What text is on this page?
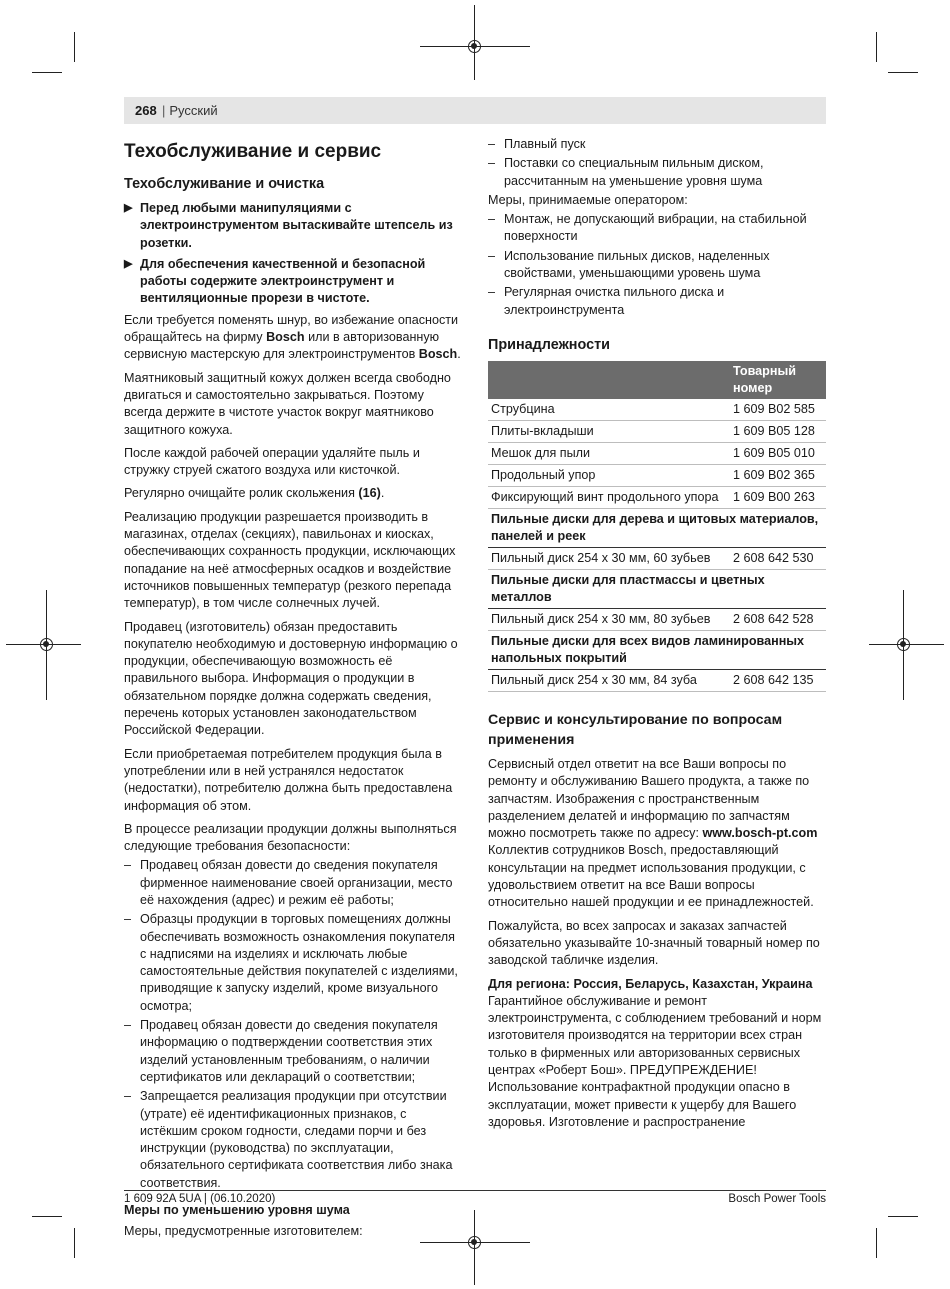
268 | Русский
Техобслуживание и сервис
Техобслуживание и очистка
▶ Перед любыми манипуляциями с электроинструментом вытаскивайте штепсель из розетки.
▶ Для обеспечения качественной и безопасной работы содержите электроинструмент и вентиляционные прорези в чистоте.
Если требуется поменять шнур, во избежание опасности обращайтесь на фирму Bosch или в авторизованную сервисную мастерскую для электроинструментов Bosch.
Маятниковый защитный кожух должен всегда свободно двигаться и самостоятельно закрываться. Поэтому всегда держите в чистоте участок вокруг маятниково защитного кожуха.
После каждой рабочей операции удаляйте пыль и стружку струей сжатого воздуха или кисточкой.
Регулярно очищайте ролик скольжения (16).
Реализацию продукции разрешается производить в магазинах, отделах (секциях), павильонах и киосках, обеспечивающих сохранность продукции, исключающих попадание на неё атмосферных осадков и воздействие источников повышенных температур (резкого перепада температур), в том числе солнечных лучей.
Продавец (изготовитель) обязан предоставить покупателю необходимую и достоверную информацию о продукции, обеспечивающую возможность её правильного выбора. Информация о продукции в обязательном порядке должна содержать сведения, перечень которых установлен законодательством Российской Федерации.
Если приобретаемая потребителем продукция была в употреблении или в ней устранялся недостаток (недостатки), потребителю должна быть предоставлена информация об этом.
В процессе реализации продукции должны выполняться следующие требования безопасности:
– Продавец обязан довести до сведения покупателя фирменное наименование своей организации, место её нахождения (адрес) и режим её работы;
– Образцы продукции в торговых помещениях должны обеспечивать возможность ознакомления покупателя с надписями на изделиях и исключать любые самостоятельные действия покупателей с изделиями, приводящие к запуску изделий, кроме визуального осмотра;
– Продавец обязан довести до сведения покупателя информацию о подтверждении соответствия этих изделий установленным требованиям, о наличии сертификатов или деклараций о соответствии;
– Запрещается реализация продукции при отсутствии (утрате) её идентификационных признаков, с истёкшим сроком годности, следами порчи и без инструкции (руководства) по эксплуатации, обязательного сертификата соответствия либо знака соответствия.
Меры по уменьшению уровня шума
Меры, предусмотренные изготовителем:
– Плавный пуск
– Поставки со специальным пильным диском, рассчитанным на уменьшение уровня шума
Меры, принимаемые оператором:
– Монтаж, не допускающий вибрации, на стабильной поверхности
– Использование пильных дисков, наделенных свойствами, уменьшающими уровень шума
– Регулярная очистка пильного диска и электроинструмента
Принадлежности
	Товарный номер
Струбцина	1 609 B02 585
Плиты-вкладыши	1 609 B05 128
Мешок для пыли	1 609 B05 010
Продольный упор	1 609 B02 365
Фиксирующий винт продольного упора	1 609 B00 263
Пильные диски для дерева и щитовых материалов, панелей и реек	
Пильный диск 254 x 30 мм, 60 зубьев	2 608 642 530
Пильные диски для пластмассы и цветных металлов	
Пильный диск 254 x 30 мм, 80 зубьев	2 608 642 528
Пильные диски для всех видов ламинированных напольных покрытий	
Пильный диск 254 x 30 мм, 84 зуба	2 608 642 135
Сервис и консультирование по вопросам применения
Сервисный отдел ответит на все Ваши вопросы по ремонту и обслуживанию Вашего продукта, а также по запчастям. Изображения с пространственным разделением делатей и информацию по запчастям можно посмотреть также по адресу: www.bosch-pt.com
Коллектив сотрудников Bosch, предоставляющий консультации на предмет использования продукции, с удовольствием ответит на все Ваши вопросы относительно нашей продукции и ее принадлежностей.
Пожалуйста, во всех запросах и заказах запчастей обязательно указывайте 10-значный товарный номер по заводской табличке изделия.
Для региона: Россия, Беларусь, Казахстан, Украина
Гарантийное обслуживание и ремонт электроинструмента, с соблюдением требований и норм изготовителя производятся на территории всех стран только в фирменных или авторизованных сервисных центрах «Роберт Бош». ПРЕДУПРЕЖДЕНИЕ! Использование контрафактной продукции опасно в эксплуатации, может привести к ущербу для Вашего здоровья. Изготовление и распространение
1 609 92A 5UA | (06.10.2020)	Bosch Power Tools
